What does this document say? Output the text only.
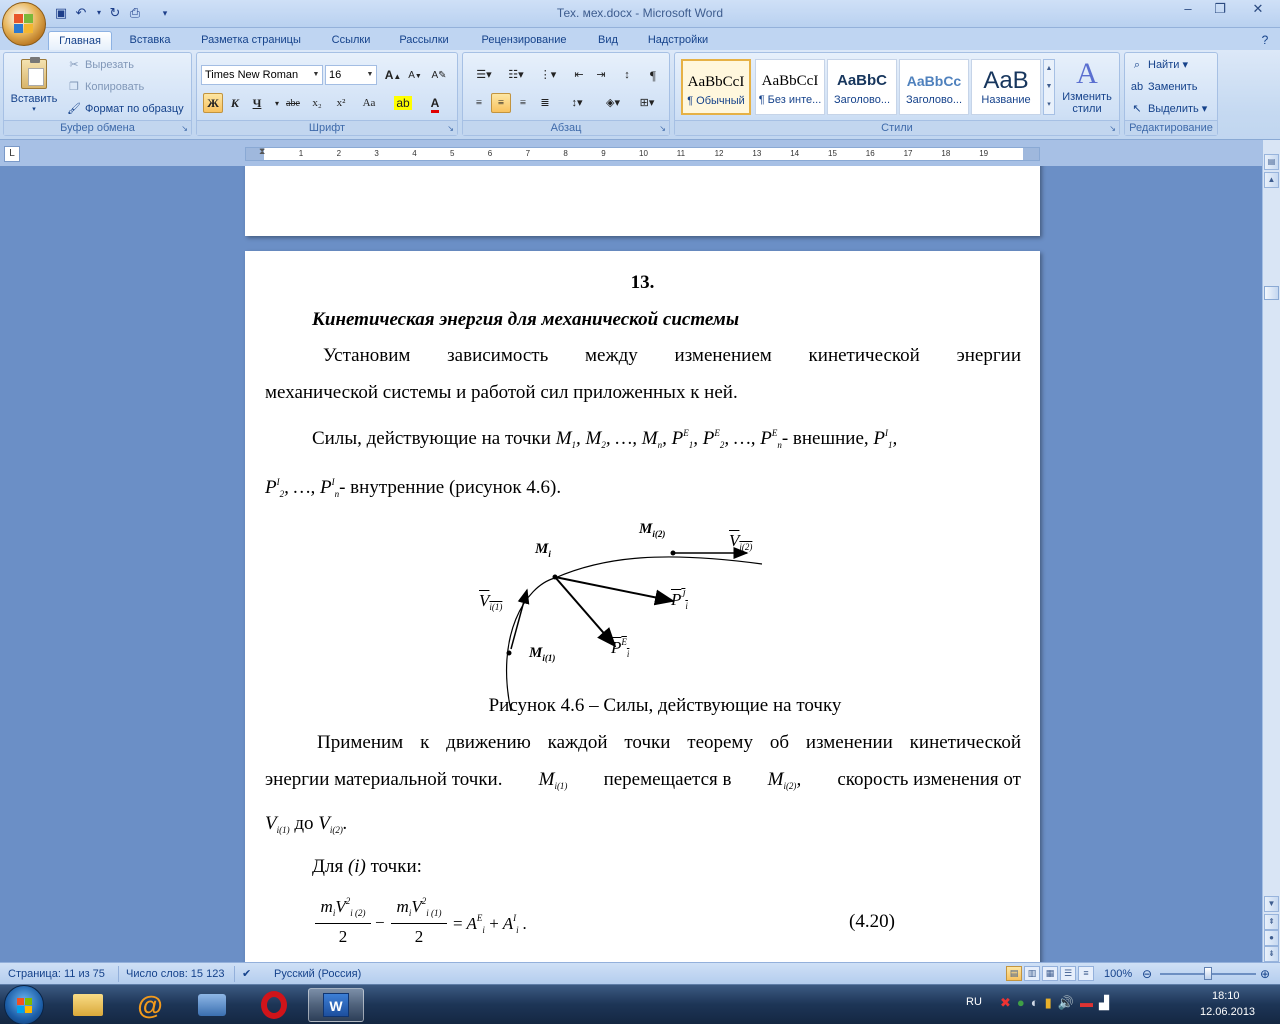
▣ ↶	▾ ↻ ⎙	▾	Тех. мех.docx - Microsoft Word	–	❐	✕
Главная	Вставка	Разметка страницы	Ссылки	Рассылки	Рецензирование	Вид	Надстройки	?
Вставить
▾
✂ Вырезать
❐ Копировать
🖌 Формат по образцу
Буфер обмена	↘
Times New Roman	▼ 16	▼ A▲ A▼ A✎
Ж К	Ч	▾ abe	x₂	x²	Aa	ab	A
Шрифт	↘
☰▾	☷▾	⋮▾	⇤	⇥	↕	¶
≡	≡	≡	≣	↕▾	◈▾	⊞▾
Абзац	↘
AaBbCcI
¶ Обычный
AaBbCcI
¶ Без инте...
AaBbC
Заголово...
AaBbCc
Заголово...
AaB
Название
▲
▼
▾
A
Изменить стили
Стили	↘
⌕ Найти ▾
ab Заменить
↖ Выделить ▾
Редактирование
L	⧗	1	2	3	4	5	6	7	8	9	10	11	12	13	14	15	16	17	18	19
13.
Кинетическая энергия для механической системы
Установим зависимость между изменением кинетической энергии
механической системы и работой сил приложенных к ней.
Силы, действующие на точки $M_1$, $M_2$, …, $M_n$, $P^E_1$, $P^E_2$, …, $P^E_n-$ внешние, $P^I_1$,
$P^I_2$, …, $P^I_n-$ внутренние (рисунок 4.6).
$M_i$
$M_{i(2)}$
$M_{i(1)}$
$V_{i(2)}$
$V_{i(1)}$	$P^J_i$
$P^E_i$
Рисунок 4.6 – Силы, действующие на точку
Применим к движению каждой точки теорему об изменении кинетической
энергии материальной точки. $M_{i(1)}$ перемещается в $M_{i(2)}$, скорость изменения от
$V_{i(1)}$ до $V_{i(2)}$.
Для (i) точки:
$m_iV^2_{i (2)}$
2
−
$m_iV^2_{i (1)}$
2
= $A^E_i + A^I_i$ .	(4.20)
▤
▲
▼
⇞
●
⇟
Страница: 11 из 75 Число слов: 15 123 ✔ Русский (Россия)	▤	▥	▦	☰	≡	100% ⊖	⊕
@	W	RU ✖●◐▮🔊▬▟	18:10
12.06.2013
